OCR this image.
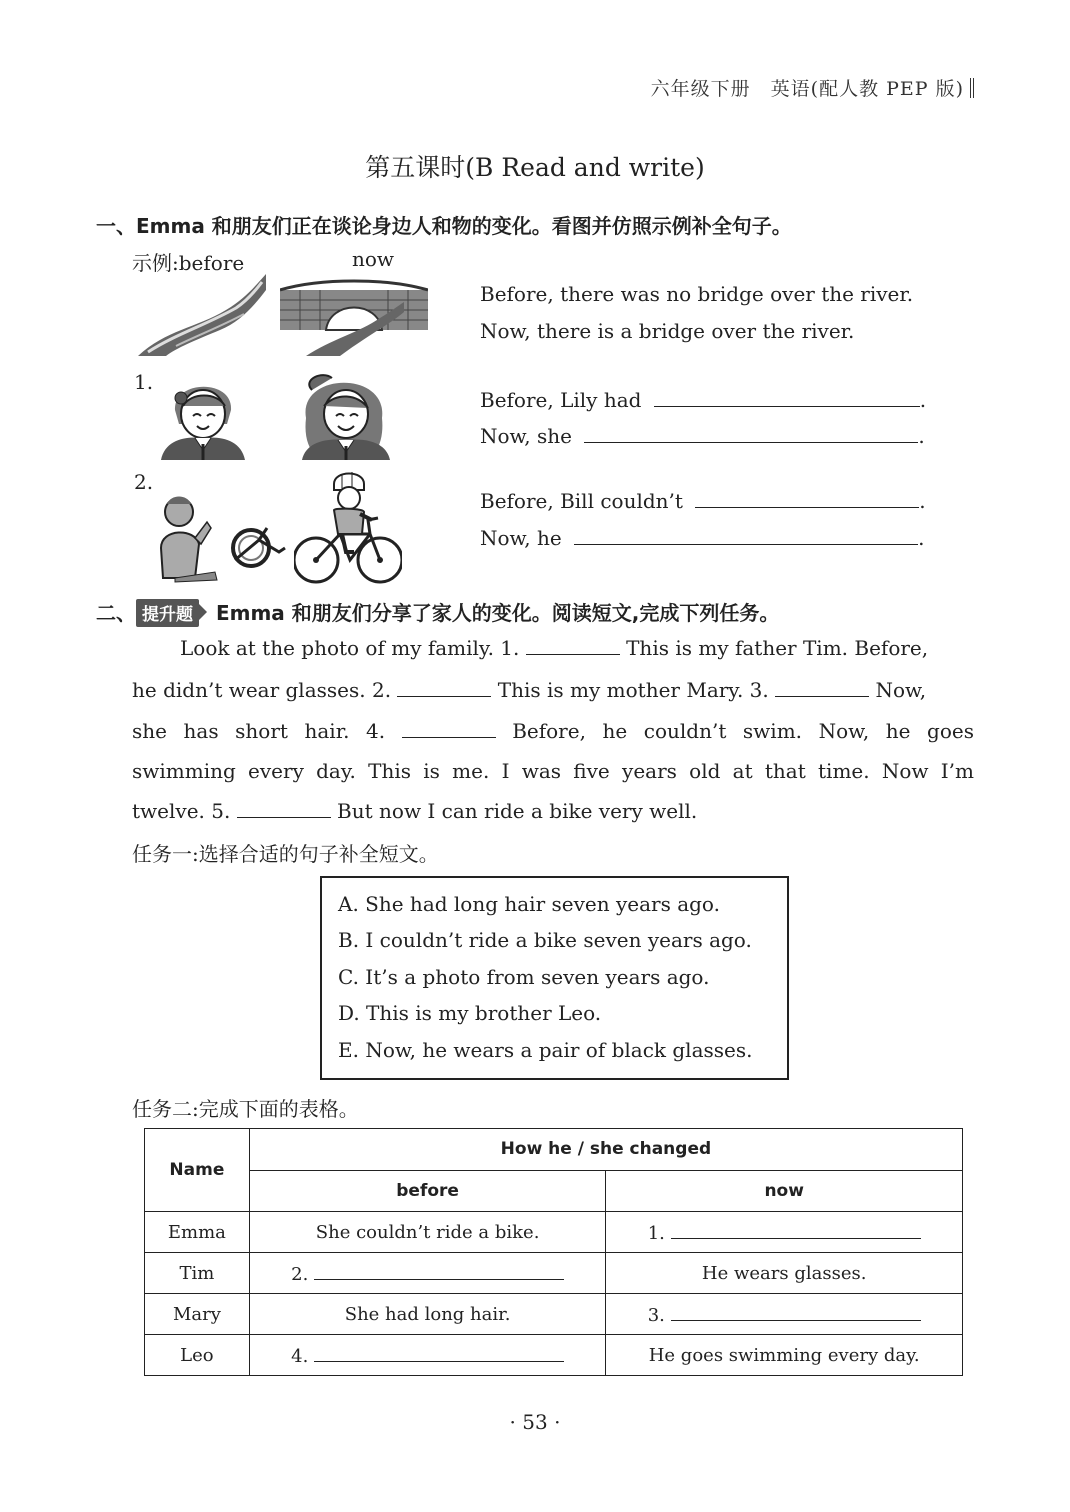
六年级下册　英语(配人教 PEP 版)
第五课时(B Read and write)
一、Emma 和朋友们正在谈论身边人和物的变化。看图并仿照示例补全句子。
示例:before	now
Before, there was no bridge over the river.
Now, there is a bridge over the river.
1.
Before, Lily had	.
Now, she	.
2.
Before, Bill couldn’t	.
Now, he	.
二、 提升题 Emma 和朋友们分享了家人的变化。阅读短文,完成下列任务。
Look at the photo of my family. 1.	This is my father Tim. Before,
he didn’t wear glasses. 2.	This is my mother Mary. 3.	Now,
she has short hair. 4.	Before, he couldn’t swim. Now, he goes
swimming every day. This is me. I was five years old at that time. Now I’m
twelve. 5.	But now I can ride a bike very well.
任务一:选择合适的句子补全短文。
A. She had long hair seven years ago.
B. I couldn’t ride a bike seven years ago.
C. It’s a photo from seven years ago.
D. This is my brother Leo.
E. Now, he wears a pair of black glasses.
任务二:完成下面的表格。
Name	How he / she changed	
	before	now
Emma	She couldn’t ride a bike.	1.
Tim	2.	He wears glasses.
Mary	She had long hair.	3.
Leo	4.	He goes swimming every day.
· 53 ·
